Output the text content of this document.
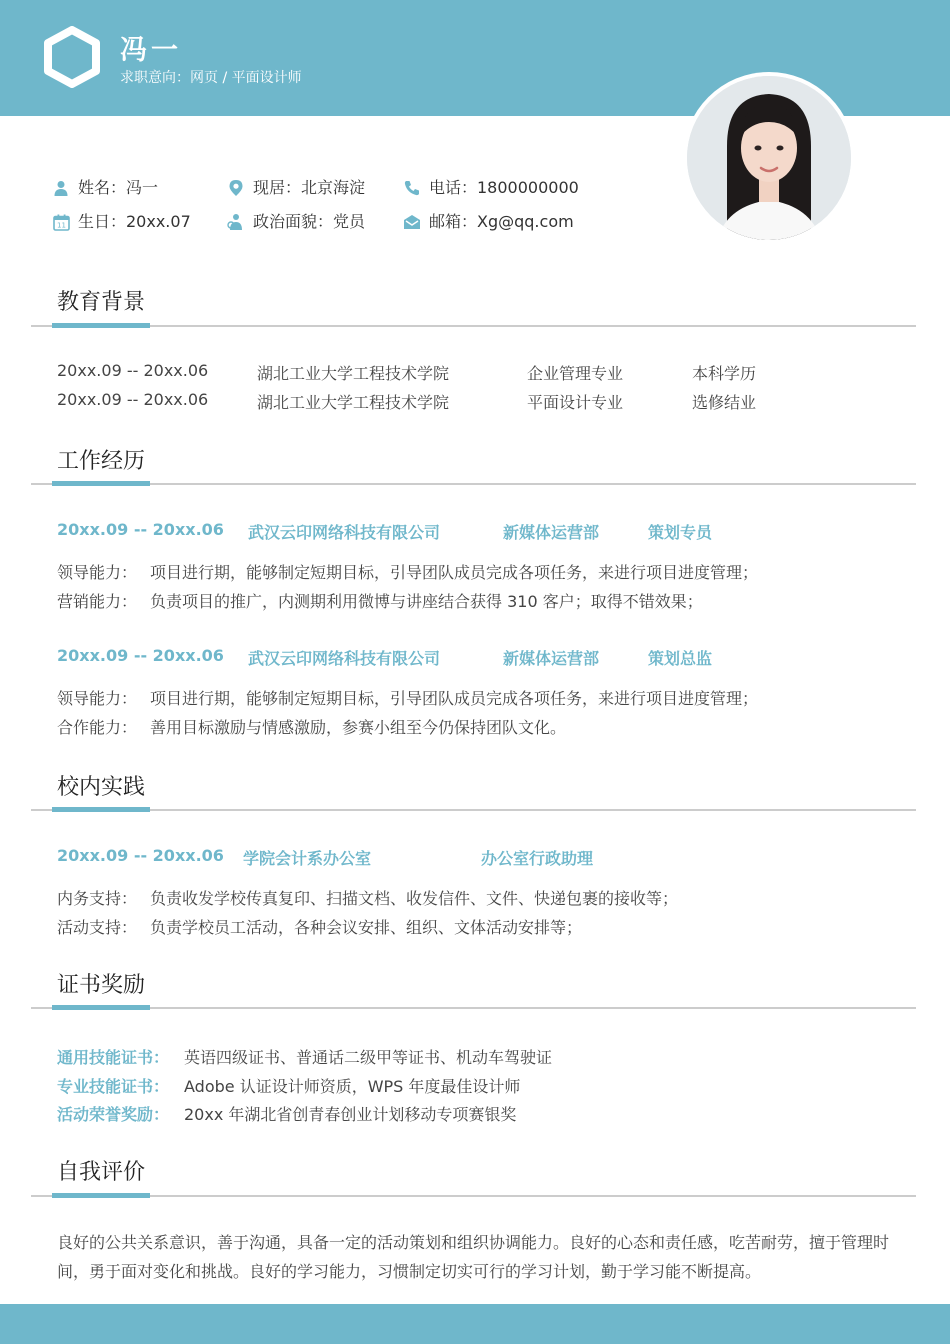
冯一
求职意向：网页 / 平面设计师
姓名：冯一	现居：北京海淀	电话：1800000000
11 生日：20xx.07	政治面貌：党员	邮箱：Xg@qq.com
教育背景
20xx.09 -- 20xx.06	湖北工业大学工程技术学院	企业管理专业	本科学历
20xx.09 -- 20xx.06	湖北工业大学工程技术学院	平面设计专业	选修结业
工作经历
20xx.09 -- 20xx.06 武汉云印网络科技有限公司	新媒体运营部	策划专员
领导能力： 项目进行期，能够制定短期目标，引导团队成员完成各项任务，来进行项目进度管理；
营销能力： 负责项目的推广，内测期利用微博与讲座结合获得 310 客户；取得不错效果；
20xx.09 -- 20xx.06 武汉云印网络科技有限公司	新媒体运营部	策划总监
领导能力： 项目进行期，能够制定短期目标，引导团队成员完成各项任务，来进行项目进度管理；
合作能力： 善用目标激励与情感激励，参赛小组至今仍保持团队文化。
校内实践
20xx.09 -- 20xx.06 学院会计系办公室	办公室行政助理
内务支持： 负责收发学校传真复印、扫描文档、收发信件、文件、快递包裹的接收等；
活动支持： 负责学校员工活动，各种会议安排、组织、文体活动安排等；
证书奖励
通用技能证书： 英语四级证书、普通话二级甲等证书、机动车驾驶证
专业技能证书： Adobe 认证设计师资质，WPS 年度最佳设计师
活动荣誉奖励： 20xx 年湖北省创青春创业计划移动专项赛银奖
自我评价
良好的公共关系意识，善于沟通，具备一定的活动策划和组织协调能力。良好的心态和责任感，吃苦耐劳，擅于管理时间，勇于面对变化和挑战。良好的学习能力，习惯制定切实可行的学习计划，勤于学习能不断提高。
